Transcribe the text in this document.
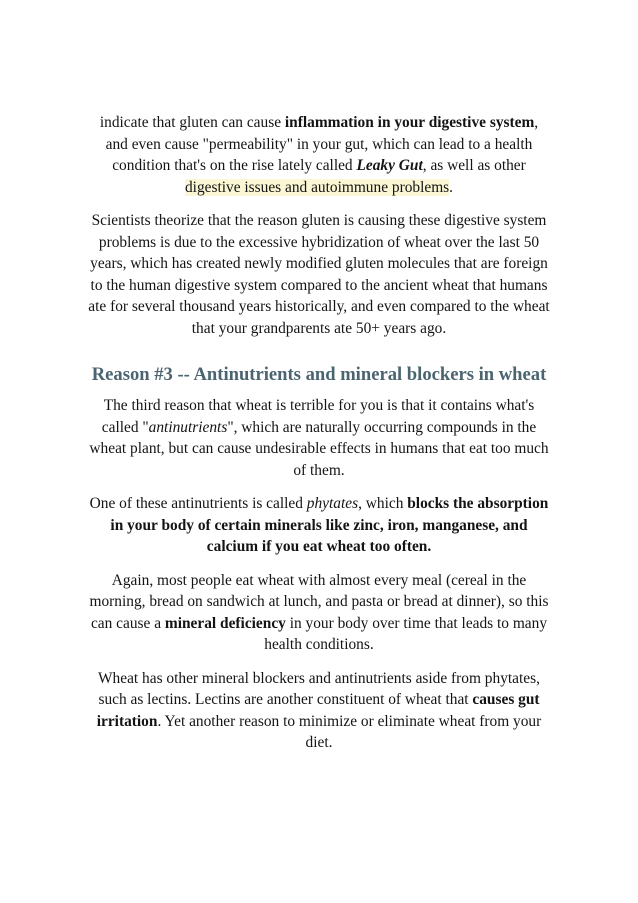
indicate that gluten can cause inflammation in your digestive system, and even cause "permeability" in your gut, which can lead to a health condition that's on the rise lately called Leaky Gut, as well as other digestive issues and autoimmune problems.

Scientists theorize that the reason gluten is causing these digestive system problems is due to the excessive hybridization of wheat over the last 50 years, which has created newly modified gluten molecules that are foreign to the human digestive system compared to the ancient wheat that humans ate for several thousand years historically, and even compared to the wheat that your grandparents ate 50+ years ago.

Reason #3 -- Antinutrients and mineral blockers in wheat

The third reason that wheat is terrible for you is that it contains what's called "antinutrients", which are naturally occurring compounds in the wheat plant, but can cause undesirable effects in humans that eat too much of them.

One of these antinutrients is called phytates, which blocks the absorption in your body of certain minerals like zinc, iron, manganese, and calcium if you eat wheat too often.

Again, most people eat wheat with almost every meal (cereal in the morning, bread on sandwich at lunch, and pasta or bread at dinner), so this can cause a mineral deficiency in your body over time that leads to many health conditions.

Wheat has other mineral blockers and antinutrients aside from phytates, such as lectins. Lectins are another constituent of wheat that causes gut irritation. Yet another reason to minimize or eliminate wheat from your diet.
